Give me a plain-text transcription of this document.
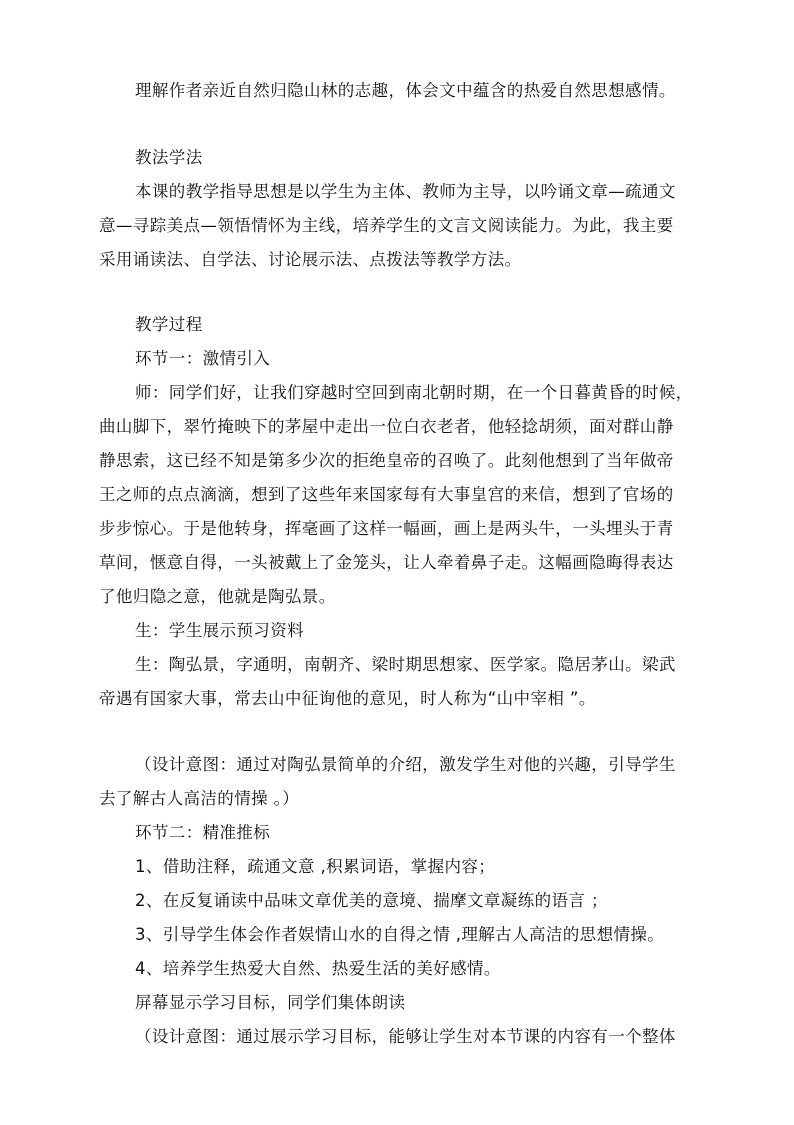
理解作者亲近自然归隐山林的志趣，体会文中蕴含的热爱自然思想感情。
教法学法
本课的教学指导思想是以学生为主体、教师为主导，以吟诵文章—疏通文
意—寻踪美点—领悟情怀为主线，培养学生的文言文阅读能力。为此，我主要
采用诵读法、自学法、讨论展示法、点拨法等教学方法。
教学过程
环节一：激情引入
师：同学们好，让我们穿越时空回到南北朝时期，在一个日暮黄昏的时候，
曲山脚下，翠竹掩映下的茅屋中走出一位白衣老者，他轻捻胡须，面对群山静
静思索，这已经不知是第多少次的拒绝皇帝的召唤了。此刻他想到了当年做帝
王之师的点点滴滴，想到了这些年来国家每有大事皇宫的来信，想到了官场的
步步惊心。于是他转身，挥毫画了这样一幅画，画上是两头牛，一头埋头于青
草间，惬意自得，一头被戴上了金笼头，让人牵着鼻子走。这幅画隐晦得表达
了他归隐之意，他就是陶弘景。
生：学生展示预习资料
生：陶弘景，字通明，南朝齐、梁时期思想家、医学家。隐居茅山。梁武
帝遇有国家大事，常去山中征询他的意见，时人称为“山中宰相 ”。
（设计意图：通过对陶弘景简单的介绍，激发学生对他的兴趣，引导学生
去了解古人高洁的情操 。）
环节二：精准推标
1、借助注释，疏通文意 ,积累词语，掌握内容；
2、在反复诵读中品味文章优美的意境、揣摩文章凝练的语言 ；
3、引导学生体会作者娱情山水的自得之情 ,理解古人高洁的思想情操。
4、培养学生热爱大自然、热爱生活的美好感情。
屏幕显示学习目标，同学们集体朗读
（设计意图：通过展示学习目标，能够让学生对本节课的内容有一个整体
